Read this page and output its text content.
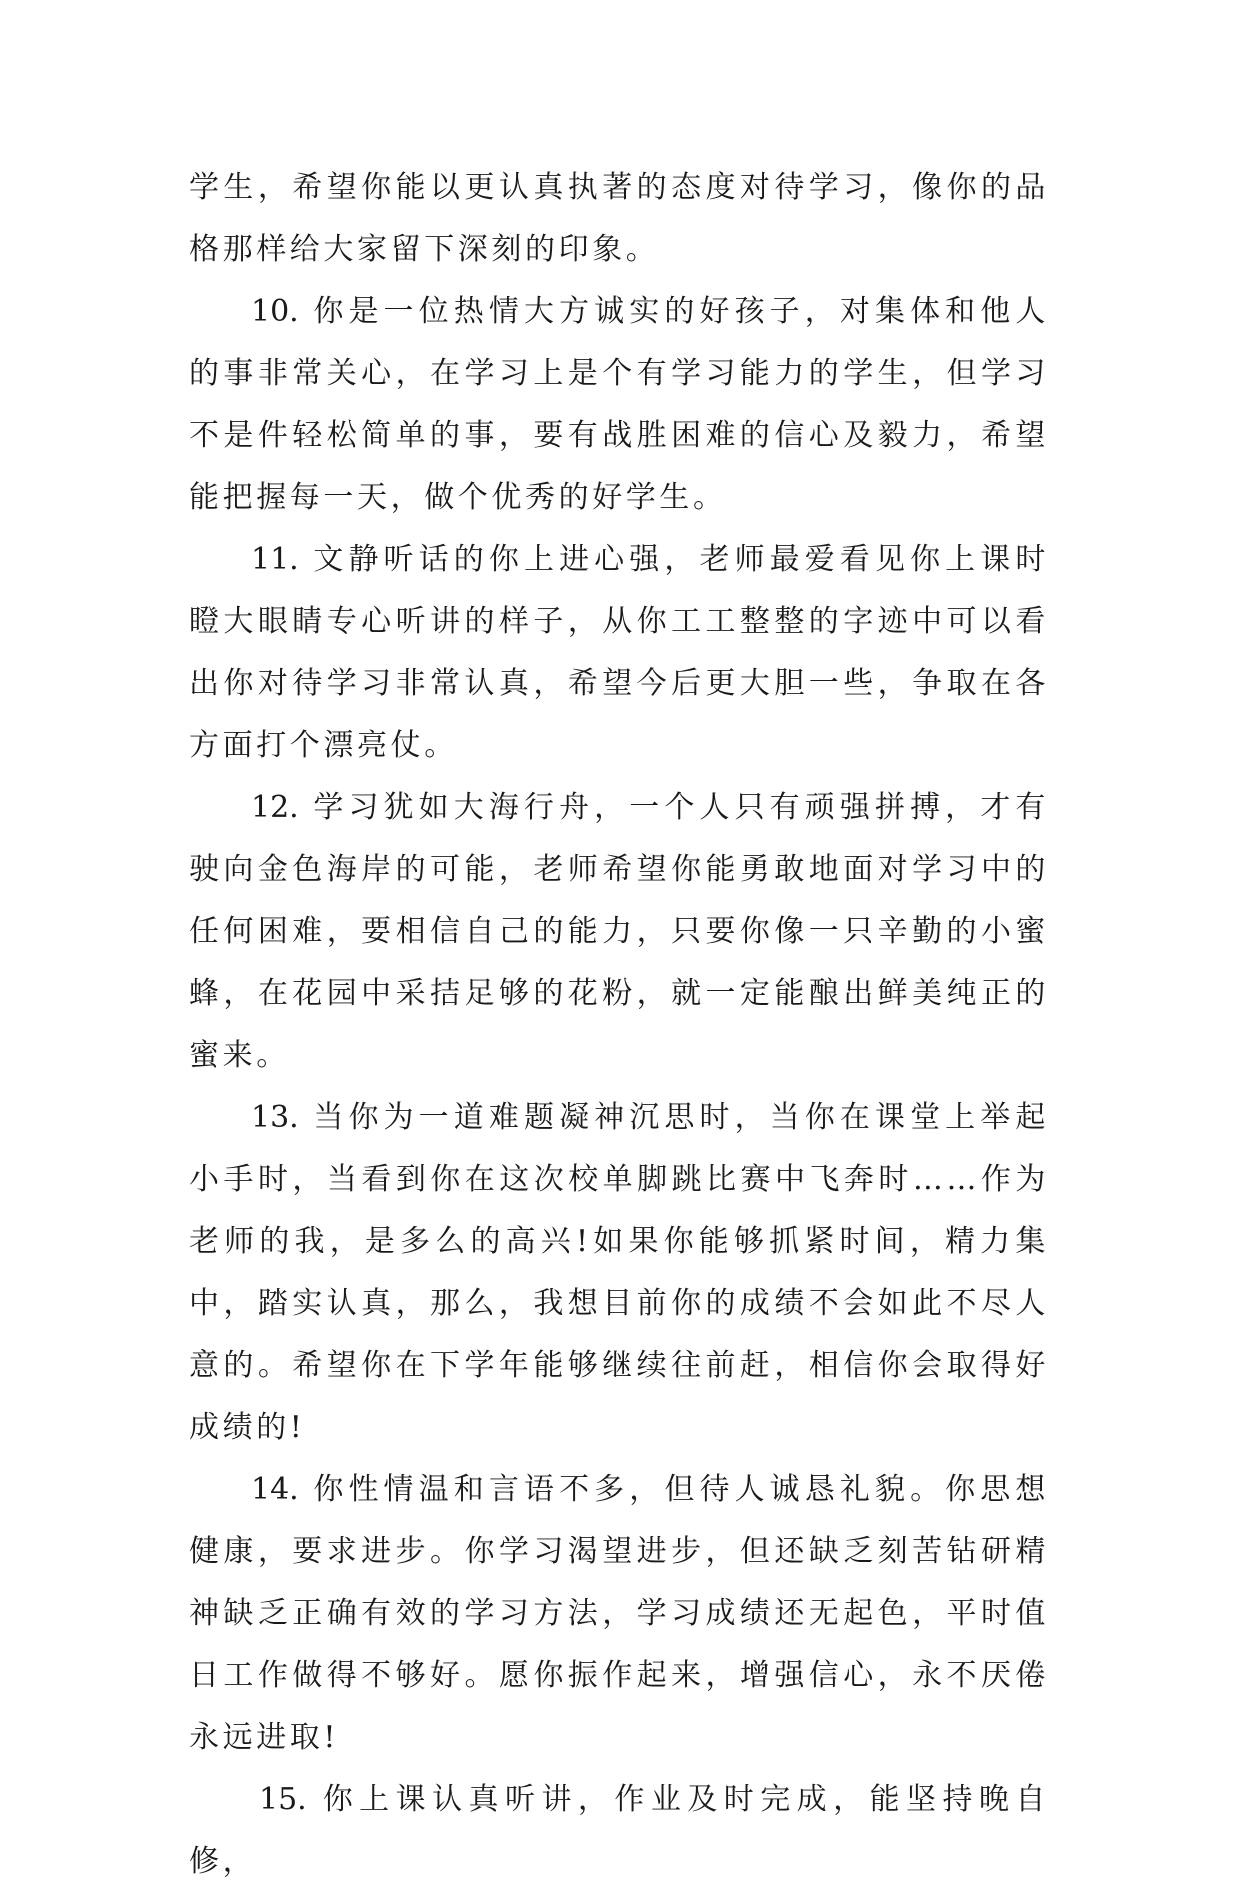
学生，希望你能以更认真执著的态度对待学习，像你的品格那样给大家留下深刻的印象。

10. 你是一位热情大方诚实的好孩子，对集体和他人的事非常关心，在学习上是个有学习能力的学生，但学习不是件轻松简单的事，要有战胜困难的信心及毅力，希望能把握每一天，做个优秀的好学生。

11. 文静听话的你上进心强，老师最爱看见你上课时瞪大眼睛专心听讲的样子，从你工工整整的字迹中可以看出你对待学习非常认真，希望今后更大胆一些，争取在各方面打个漂亮仗。

12. 学习犹如大海行舟，一个人只有顽强拼搏，才有驶向金色海岸的可能，老师希望你能勇敢地面对学习中的任何困难，要相信自己的能力，只要你像一只辛勤的小蜜蜂，在花园中采拮足够的花粉，就一定能酿出鲜美纯正的蜜来。

13. 当你为一道难题凝神沉思时，当你在课堂上举起小手时，当看到你在这次校单脚跳比赛中飞奔时……作为老师的我，是多么的高兴!如果你能够抓紧时间，精力集中，踏实认真，那么，我想目前你的成绩不会如此不尽人意的。希望你在下学年能够继续往前赶，相信你会取得好成绩的!

14. 你性情温和言语不多，但待人诚恳礼貌。你思想健康，要求进步。你学习渴望进步，但还缺乏刻苦钻研精神缺乏正确有效的学习方法，学习成绩还无起色，平时值日工作做得不够好。愿你振作起来，增强信心，永不厌倦永远进取!

15. 你上课认真听讲，作业及时完成，能坚持晚自修，
